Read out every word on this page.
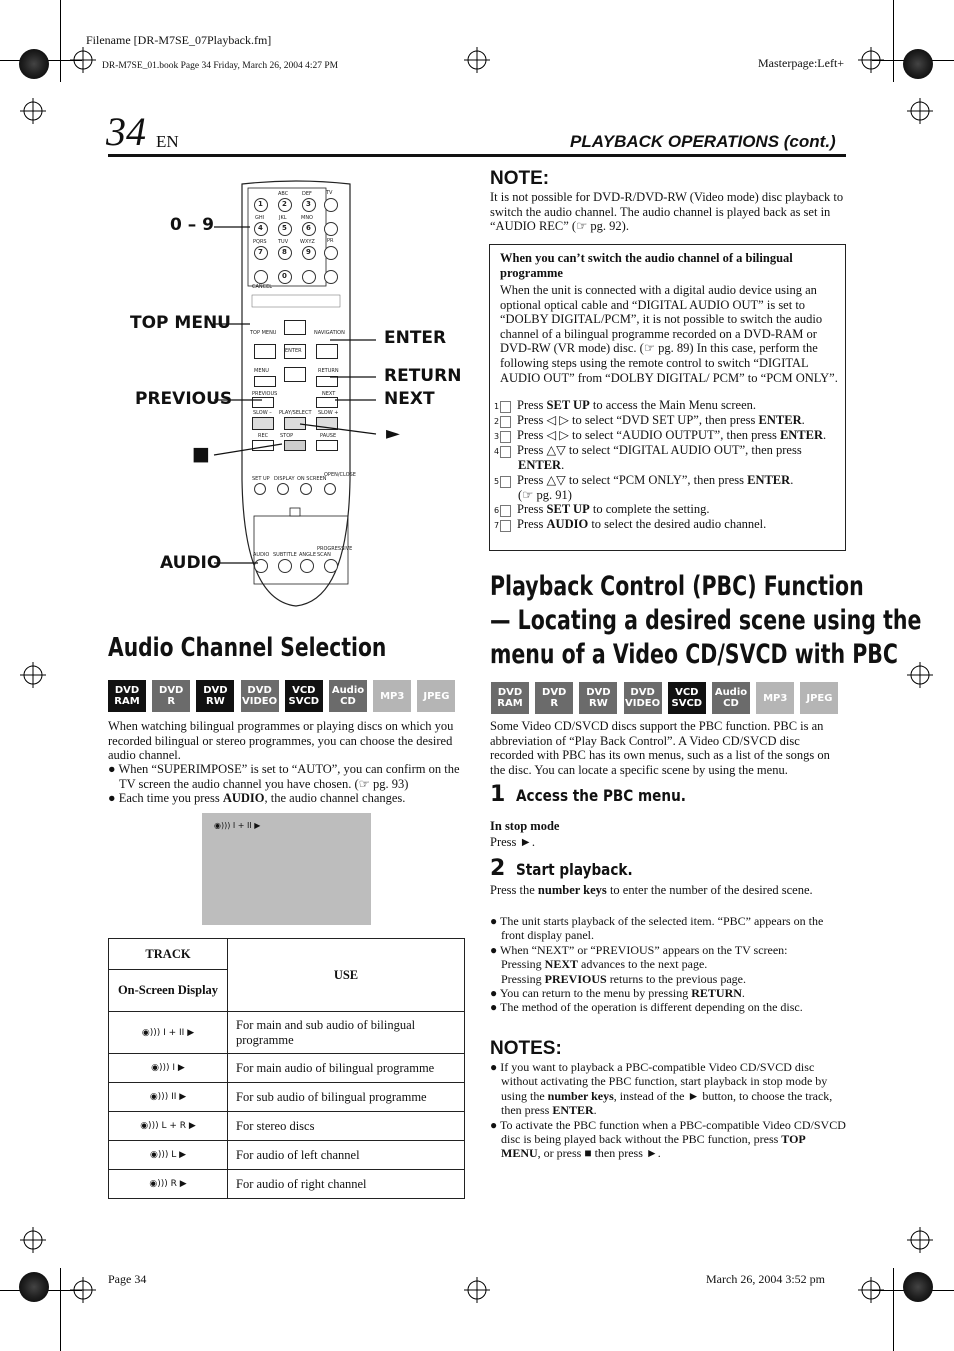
Filename [DR-M7SE_07Playback.fm]
DR-M7SE_01.book Page 34 Friday, March 26, 2004 4:27 PM	Masterpage:Left+
34 EN	PLAYBACK OPERATIONS (cont.)
1	2	3
4	5	6
7	8	9
0
ABC	DEF
GHI	JKL	MNO
PQRS TUV WXYZ
CANCEL
TV
PR
TOP MENU	NAVIGATION
ENTER
MENU	RETURN
PREVIOUS	NEXT
SLOW – PLAY/SELECT SLOW +
REC STOP	PAUSE
SET UP DISPLAY ON SCREEN
OPEN/CLOSE
AUDIO SUBTITLE ANGLE
PROGRESSIVE SCAN
0 – 9
TOP MENU
PREVIOUS
■
AUDIO
ENTER
RETURN
NEXT
►
Audio Channel Selection
DVD
RAM
DVD
R
DVD
RW
DVD
VIDEO
VCD
SVCD
Audio
CD	MP3	JPEG
When watching bilingual programmes or playing discs on which you recorded bilingual or stereo programmes, you can choose the desired audio channel.
● When “SUPERIMPOSE” is set to “AUTO”, you can confirm on the TV screen the audio channel you have chosen. (☞ pg. 93)
● Each time you press AUDIO, the audio channel changes.
◉))) I + II ▶
TRACK	USE
On-Screen Display	
◉))) I + II ▶	For main and sub audio of bilingual programme
◉))) I ▶	For main audio of bilingual programme
◉))) II ▶	For sub audio of bilingual programme
◉))) L + R ▶	For stereo discs
◉))) L ▶	For audio of left channel
◉))) R ▶	For audio of right channel
NOTE:
It is not possible for DVD-R/DVD-RW (Video mode) disc playback to switch the audio channel. The audio channel is played back as set in “AUDIO REC” (☞ pg. 92).
When you can’t switch the audio channel of a bilingual programme
When the unit is connected with a digital audio device using an optional optical cable and “DIGITAL AUDIO OUT” is set to “DOLBY DIGITAL/PCM”, it is not possible to switch the audio channel of a bilingual programme recorded on a DVD-RAM or DVD-RW (VR mode) disc. (☞ pg. 89) In this case, perform the following steps using the remote control to switch “DIGITAL AUDIO OUT” from “DOLBY DIGITAL/ PCM” to “PCM ONLY”.
1 Press SET UP to access the Main Menu screen.
2 Press ◁ ▷ to select “DVD SET UP”, then press ENTER.
3 Press ◁ ▷ to select “AUDIO OUTPUT”, then press ENTER.
4 Press △▽ to select “DIGITAL AUDIO OUT”, then press ENTER.
5 Press △▽ to select “PCM ONLY”, then press ENTER.
(☞ pg. 91)
6 Press SET UP to complete the setting.
7 Press AUDIO to select the desired audio channel.
Playback Control (PBC) Function
— Locating a desired scene using the
menu of a Video CD/SVCD with PBC
DVD
RAM
DVD
R
DVD
RW
DVD
VIDEO
VCD
SVCD
Audio
CD	MP3	JPEG
Some Video CD/SVCD discs support the PBC function. PBC is an abbreviation of “Play Back Control”. A Video CD/SVCD disc recorded with PBC has its own menus, such as a list of the songs on the disc. You can locate a specific scene by using the menu.
1 Access the PBC menu.
In stop mode
Press ►.
2 Start playback.
Press the number keys to enter the number of the desired scene.
● The unit starts playback of the selected item. “PBC” appears on the front display panel.
● When “NEXT” or “PREVIOUS” appears on the TV screen:
Pressing NEXT advances to the next page.
Pressing PREVIOUS returns to the previous page.
● You can return to the menu by pressing RETURN.
● The method of the operation is different depending on the disc.
NOTES:
● If you want to playback a PBC-compatible Video CD/SVCD disc without activating the PBC function, start playback in stop mode by using the number keys, instead of the ► button, to choose the track, then press ENTER.
● To activate the PBC function when a PBC-compatible Video CD/SVCD disc is being played back without the PBC function, press TOP MENU, or press ■ then press ►.
Page 34	March 26, 2004 3:52 pm
